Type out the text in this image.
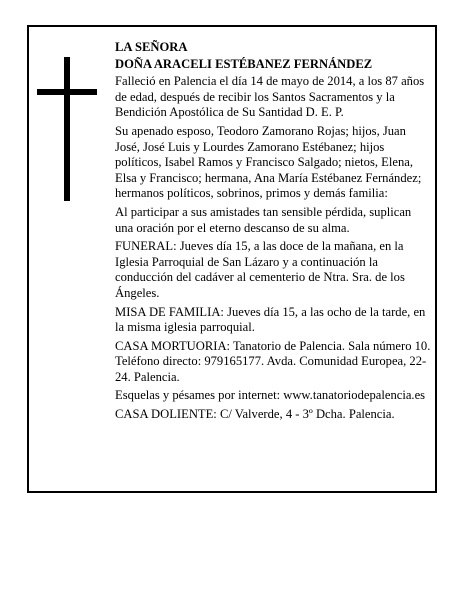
LA SEÑORA
DOÑA ARACELI ESTÉBANEZ FERNÁNDEZ

Falleció en Palencia el día 14 de mayo de 2014, a los 87 años de edad, después de recibir los Santos Sacramentos y la Bendición Apostólica de Su Santidad D. E. P.

Su apenado esposo, Teodoro Zamorano Rojas; hijos, Juan José, José Luis y Lourdes Zamorano Estébanez; hijos políticos, Isabel Ramos y Francisco Salgado; nietos, Elena, Elsa y Francisco; hermana, Ana María Estébanez Fernández; hermanos políticos, sobrinos, primos y demás familia:

Al participar a sus amistades tan sensible pérdida, suplican una oración por el eterno descanso de su alma.

FUNERAL: Jueves día 15, a las doce de la mañana, en la Iglesia Parroquial de San Lázaro y a continuación la conducción del cadáver al cementerio de Ntra. Sra. de los Ángeles.

MISA DE FAMILIA: Jueves día 15, a las ocho de la tarde, en la misma iglesia parroquial.

CASA MORTUORIA: Tanatorio de Palencia. Sala número 10. Teléfono directo: 979165177. Avda. Comunidad Europea, 22-24. Palencia.

Esquelas y pésames por internet: www.tanatoriodepalencia.es

CASA DOLIENTE: C/ Valverde, 4 - 3º Dcha. Palencia.
